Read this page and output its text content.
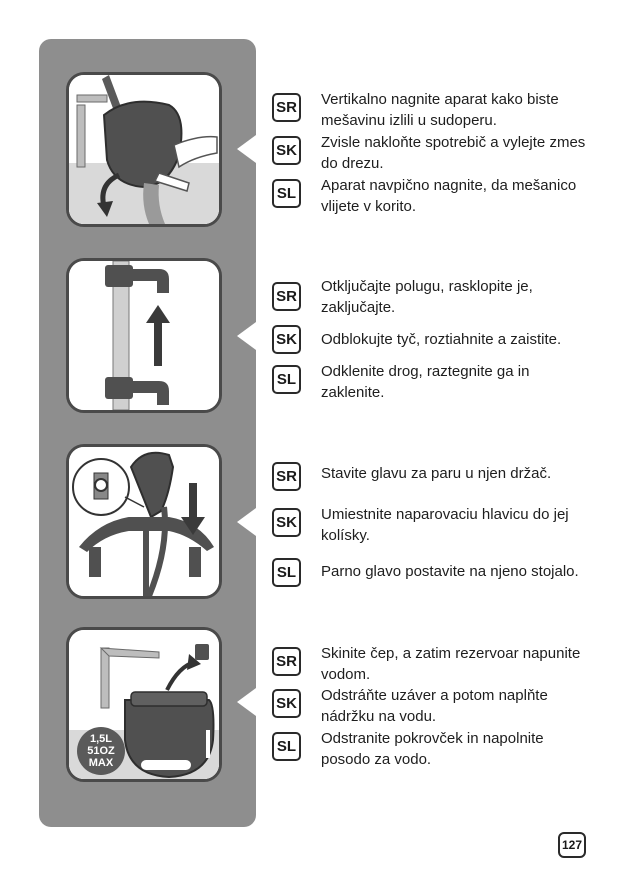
1,5L
51OZ
MAX
SR Vertikalno nagnite aparat kako biste mešavinu izlili u sudoperu.
SK Zvisle nakloňte spotrebič a vylejte zmes do drezu.
SL	Aparat navpično nagnite, da mešanico vlijete v korito.
SR
Otključajte polugu, rasklopite je, zaključajte.
SK Odblokujte tyč, roztiahnite a zaistite.
SL	Odklenite drog, raztegnite ga in zaklenite.
SR Stavite glavu za paru u njen držač.
SK Umiestnite naparovaciu hlavicu do jej kolísky.
SL	Parno glavo postavite na njeno stojalo.
SR Skinite čep, a zatim rezervoar napunite vodom.
SK Odstráňte uzáver a potom naplňte nádržku na vodu.
SL	Odstranite pokrovček in napolnite posodo za vodo.
127
